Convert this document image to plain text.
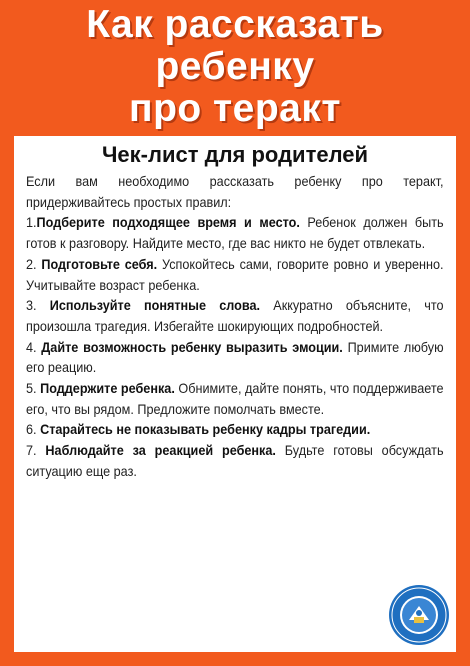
Как рассказать
ребенку
про теракт
Чек-лист для родителей

Если вам необходимо рассказать ребенку про теракт, придерживайтесь простых правил:

1.Подберите подходящее время и место. Ребенок должен быть готов к разговору. Найдите место, где вас никто не будет отвлекать.

2. Подготовьте себя. Успокойтесь сами, говорите ровно и уверенно. Учитывайте возраст ребенка.

3. Используйте понятные слова. Аккуратно объясните, что произошла трагедия. Избегайте шокирующих подробностей.

4. Дайте возможность ребенку выразить эмоции. Примите любую его реацию.

5. Поддержите ребенка. Обнимите, дайте понять, что поддерживаете его, что вы рядом. Предложите помолчать вместе.

6. Старайтесь не показывать ребенку кадры трагедии.

7. Наблюдайте за реакцией ребенка. Будьте готовы обсуждать ситуацию еще раз.
